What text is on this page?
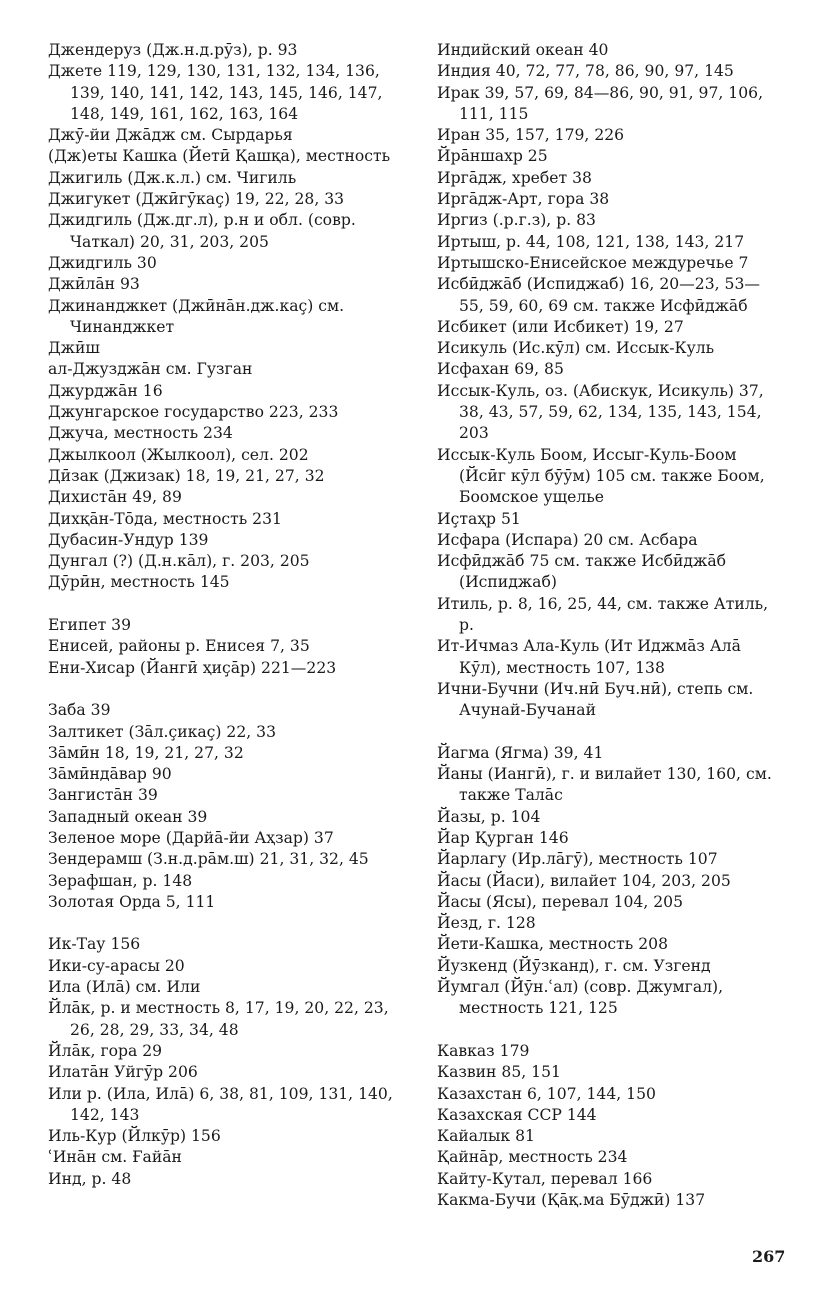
Джендеруз (Дж.н.д.рӯз), р. 93
Джете 119, 129, 130, 131, 132, 134, 136, 139, 140, 141, 142, 143, 145, 146, 147, 148, 149, 161, 162, 163, 164
Джӯ-йи Джāдж см. Сырдарья
(Дж)еты Кашка (Йетӣ Қашқа), местность
Джигиль (Дж.к.л.) см. Чигиль
Джигукет (Джӣгӯкаç) 19, 22, 28, 33
Джидгиль (Дж.дг.л), р.н и обл. (совр. Чаткал) 20, 31, 203, 205
Джидгиль 30
Джӣлāн 93
Джинанджкет (Джӣнāн.дж.каç) см. Чинанджкет
Джӣш
ал-Джузджāн см. Гузган
Джурджāн 16
Джунгарское государство 223, 233
Джуча, местность 234
Джылкоол (Жылкоол), сел. 202
Дӣзак (Джизак) 18, 19, 21, 27, 32
Дихистāн 49, 89
Дихқāн-Тōда, местность 231
Дубасин-Ундур 139
Дунгал (?) (Д.н.кāл), г. 203, 205
Дӯрӣн, местность 145
Египет 39
Енисей, районы р. Енисея 7, 35
Ени-Хисар (Йангӣ ҳиçāр) 221—223
Заба 39
Залтикет (Зāл.çикаç) 22, 33
Зāмӣн 18, 19, 21, 27, 32
Зāмӣндāвар 90
Зангистāн 39
Западный океан 39
Зеленое море (Дарйā-йи Аҳзар) 37
Зендерамш (З.н.д.рāм.ш) 21, 31, 32, 45
Зерафшан, р. 148
Золотая Орда 5, 111
Ик-Тау 156
Ики-су-арасы 20
Ила (Илā) см. Или
Йлāк, р. и местность 8, 17, 19, 20, 22, 23, 26, 28, 29, 33, 34, 48
Йлāк, гора 29
Илатāн Уйгӯр 206
Или р. (Ила, Илā) 6, 38, 81, 109, 131, 140, 142, 143
Иль-Кур (Йлкӯр) 156
ʿИнāн см. Ғайāн
Инд, р. 48
Индийский океан 40
Индия 40, 72, 77, 78, 86, 90, 97, 145
Ирак 39, 57, 69, 84—86, 90, 91, 97, 106, 111, 115
Иран 35, 157, 179, 226
Йрāншахр 25
Иргāдж, хребет 38
Иргāдж-Арт, гора 38
Иргиз (.р.г.з), р. 83
Иртыш, р. 44, 108, 121, 138, 143, 217
Иртышско-Енисейское междуречье 7
Исбӣджāб (Испиджаб) 16, 20—23, 53—55, 59, 60, 69 см. также Исфӣджāб
Исбикет (или Исбикет) 19, 27
Исикуль (Ис.кӯл) см. Иссык-Куль
Исфахан 69, 85
Иссык-Куль, оз. (Абискук, Исикуль) 37, 38, 43, 57, 59, 62, 134, 135, 143, 154, 203
Иссык-Куль Боом, Иссыг-Куль-Боом (Йсӣг кӯл бӯӯм) 105 см. также Боом, Боомское ущелье
Иçтаҳр 51
Исфара (Испара) 20 см. Асбара
Исфӣджāб 75 см. также Исбӣджāб (Испиджаб)
Итиль, р. 8, 16, 25, 44, см. также Атиль, р.
Ит-Ичмаз Ала-Куль (Ит Иджмāз Алā Кӯл), местность 107, 138
Ични-Бучни (Ич.нӣ Буч.нӣ), степь см. Ачунай-Бучанай
Йагма (Ягма) 39, 41
Йаны (Иангӣ), г. и вилайет 130, 160, см. также Талāс
Йазы, р. 104
Йар Қурган 146
Йарлагу (Ир.лāгӯ), местность 107
Йасы (Йаси), вилайет 104, 203, 205
Йасы (Ясы), перевал 104, 205
Йезд, г. 128
Йети-Кашка, местность 208
Йузкенд (Йӯзканд), г. см. Узгенд
Йумгал (Йӯн.ʿал) (совр. Джумгал), местность 121, 125
Кавказ 179
Казвин 85, 151
Казахстан 6, 107, 144, 150
Казахская ССР 144
Кайалык 81
Қайнāр, местность 234
Кайту-Кутал, перевал 166
Какма-Бучи (Қāқ.ма Бӯджӣ) 137
267
